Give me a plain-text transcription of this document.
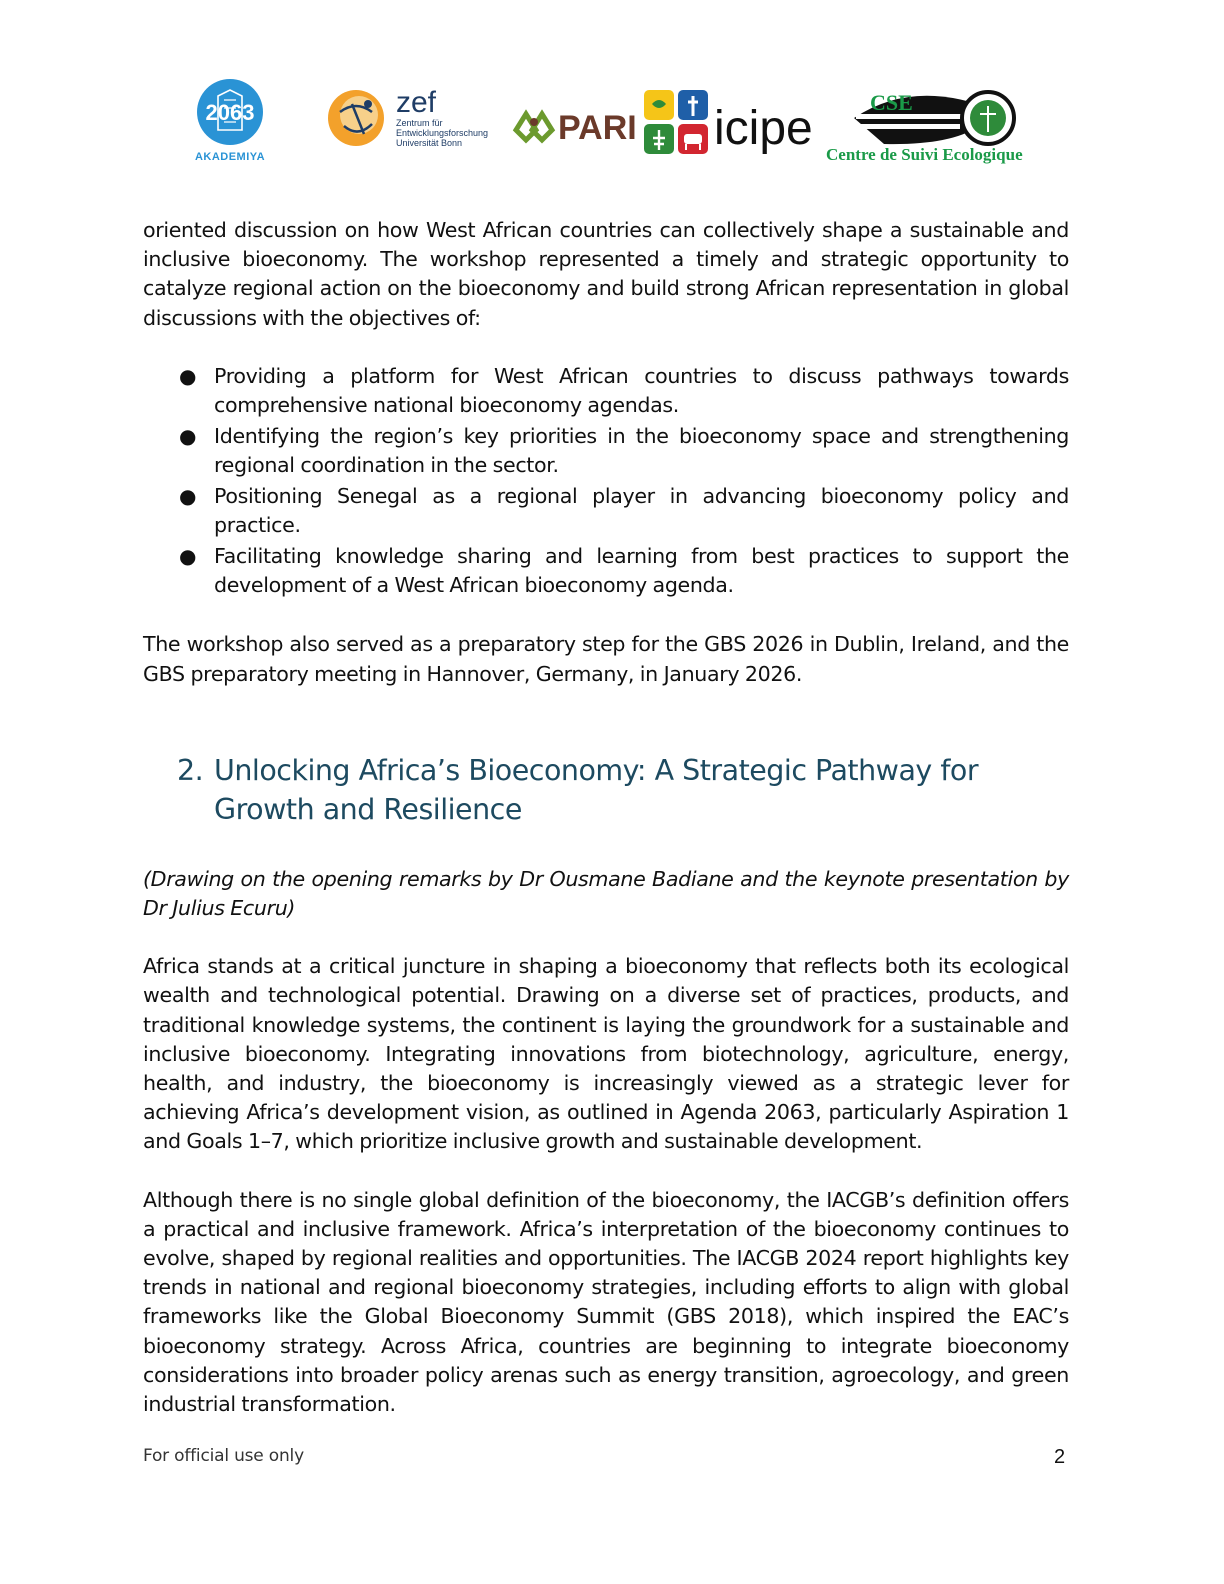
2063
AKADEMIYA
zef
Zentrum für
Entwicklungsforschung
Universität Bonn	PARI icipe	CSE
Centre de Suivi Ecologique

oriented discussion on how West African countries can collectively shape a sustainable and inclusive bioeconomy. The workshop represented a timely and strategic opportunity to catalyze regional action on the bioeconomy and build strong African representation in global discussions with the objectives of:

● Providing a platform for West African countries to discuss pathways towards comprehensive national bioeconomy agendas.
● Identifying the region’s key priorities in the bioeconomy space and strengthening regional coordination in the sector.
● Positioning Senegal as a regional player in advancing bioeconomy policy and practice.
● Facilitating knowledge sharing and learning from best practices to support the development of a West African bioeconomy agenda.

The workshop also served as a preparatory step for the GBS 2026 in Dublin, Ireland, and the GBS preparatory meeting in Hannover, Germany, in January 2026.

2. Unlocking Africa’s Bioeconomy: A Strategic Pathway for Growth and Resilience

(Drawing on the opening remarks by Dr Ousmane Badiane and the keynote presentation by Dr Julius Ecuru)

Africa stands at a critical juncture in shaping a bioeconomy that reflects both its ecological wealth and technological potential. Drawing on a diverse set of practices, products, and traditional knowledge systems, the continent is laying the groundwork for a sustainable and inclusive bioeconomy. Integrating innovations from biotechnology, agriculture, energy, health, and industry, the bioeconomy is increasingly viewed as a strategic lever for achieving Africa’s development vision, as outlined in Agenda 2063, particularly Aspiration 1 and Goals 1–7, which prioritize inclusive growth and sustainable development.

Although there is no single global definition of the bioeconomy, the IACGB’s definition offers a practical and inclusive framework. Africa’s interpretation of the bioeconomy continues to evolve, shaped by regional realities and opportunities. The IACGB 2024 report highlights key trends in national and regional bioeconomy strategies, including efforts to align with global frameworks like the Global Bioeconomy Summit (GBS 2018), which inspired the EAC’s bioeconomy strategy. Across Africa, countries are beginning to integrate bioeconomy considerations into broader policy arenas such as energy transition, agroecology, and green industrial transformation.

For official use only	2
